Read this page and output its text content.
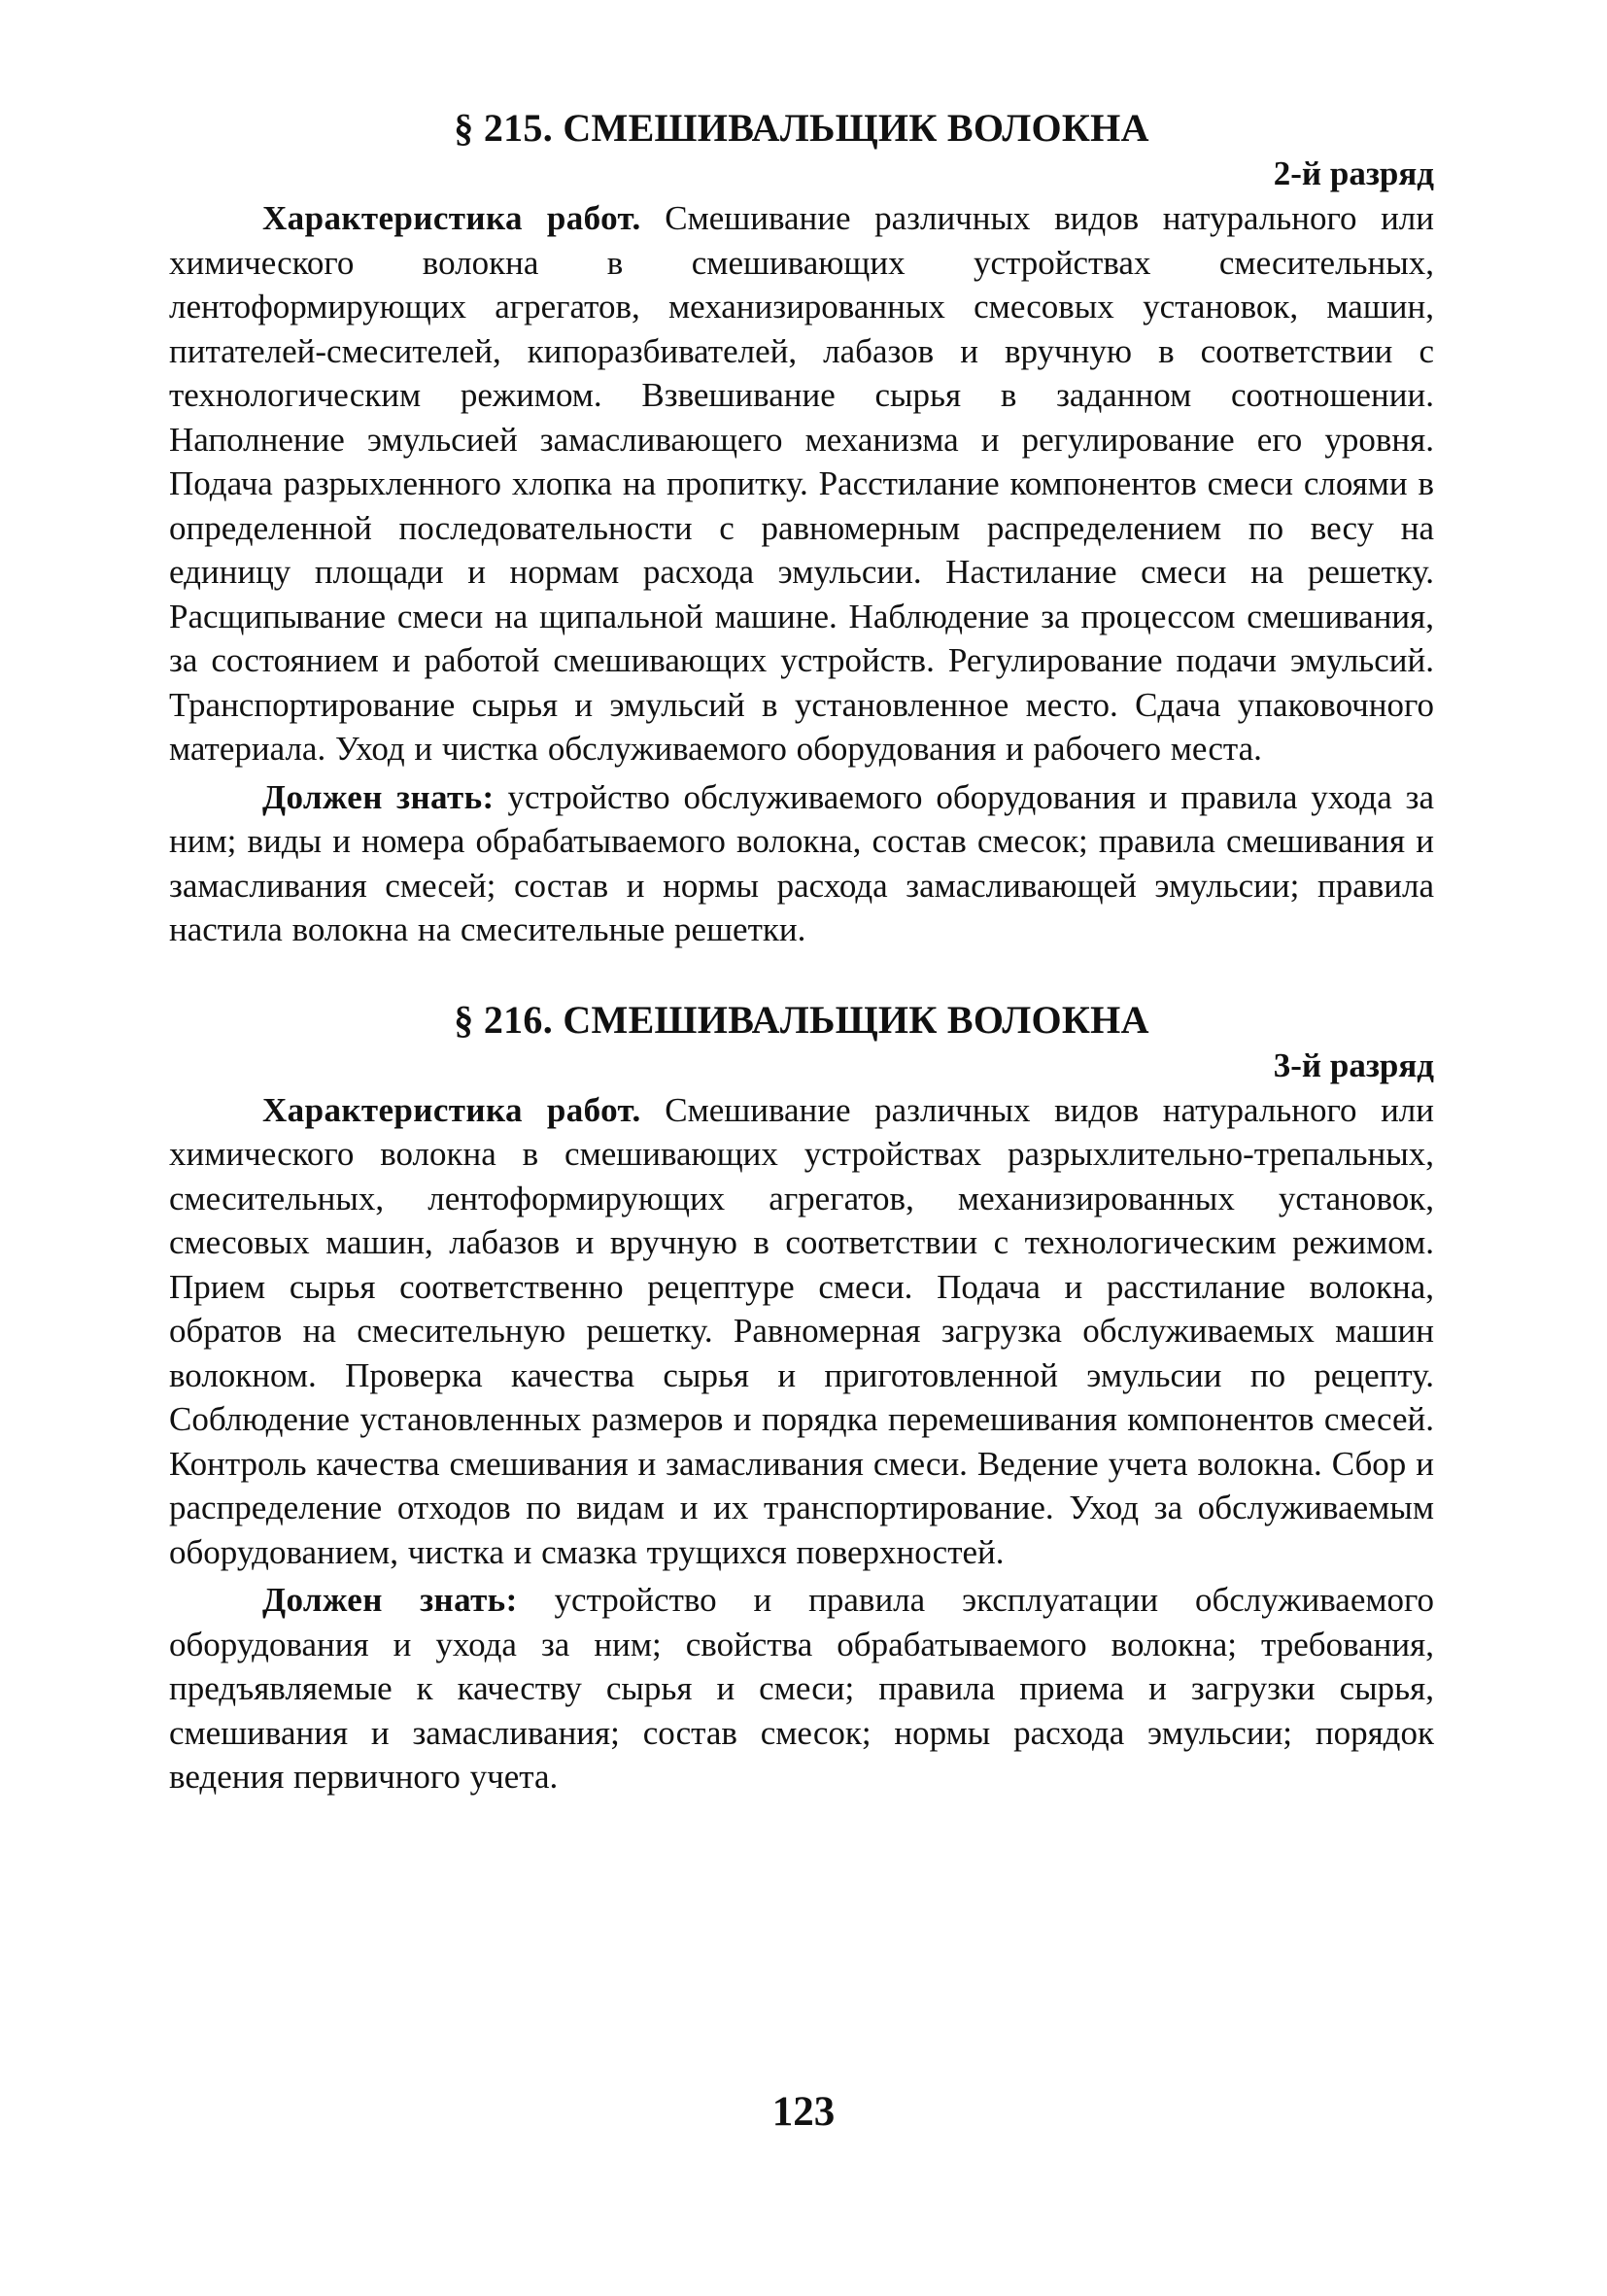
§ 215. СМЕШИВАЛЬЩИК ВОЛОКНА

2-й разряд

Характеристика работ. Смешивание различных видов натурального или химического волокна в смешивающих устройствах смесительных, лентоформирующих агрегатов, механизированных смесовых установок, машин, питателей-смесителей, кипоразбивателей, лабазов и вручную в соответствии с технологическим режимом. Взвешивание сырья в заданном соотношении. Наполнение эмульсией замасливающего механизма и регулирование его уровня. Подача разрыхленного хлопка на пропитку. Расстилание компонентов смеси слоями в определенной последовательности с равномерным распределением по весу на единицу площади и нормам расхода эмульсии. Настилание смеси на решетку. Расщипывание смеси на щипальной машине. Наблюдение за процессом смешивания, за состоянием и работой смешивающих устройств. Регулирование подачи эмульсий. Транспортирование сырья и эмульсий в установленное место. Сдача упаковочного материала. Уход и чистка обслуживаемого оборудования и рабочего места.

Должен знать: устройство обслуживаемого оборудования и правила ухода за ним; виды и номера обрабатываемого волокна, состав смесок; правила смешивания и замасливания смесей; состав и нормы расхода замасливающей эмульсии; правила настила волокна на смесительные решетки.

§ 216. СМЕШИВАЛЬЩИК ВОЛОКНА

3-й разряд

Характеристика работ. Смешивание различных видов натурального или химического волокна в смешивающих устройствах разрыхлительно-трепальных, смесительных, лентоформирующих агрегатов, механизированных установок, смесовых машин, лабазов и вручную в соответствии с технологическим режимом. Прием сырья соответственно рецептуре смеси. Подача и расстилание волокна, обратов на смесительную решетку. Равномерная загрузка обслуживаемых машин волокном. Проверка качества сырья и приготовленной эмульсии по рецепту. Соблюдение установленных размеров и порядка перемешивания компонентов смесей. Контроль качества смешивания и замасливания смеси. Ведение учета волокна. Сбор и распределение отходов по видам и их транспортирование. Уход за обслуживаемым оборудованием, чистка и смазка трущихся поверхностей.

Должен знать: устройство и правила эксплуатации обслуживаемого оборудования и ухода за ним; свойства обрабатываемого волокна; требования, предъявляемые к качеству сырья и смеси; правила приема и загрузки сырья, смешивания и замасливания; состав смесок; нормы расхода эмульсии; порядок ведения первичного учета.

123
